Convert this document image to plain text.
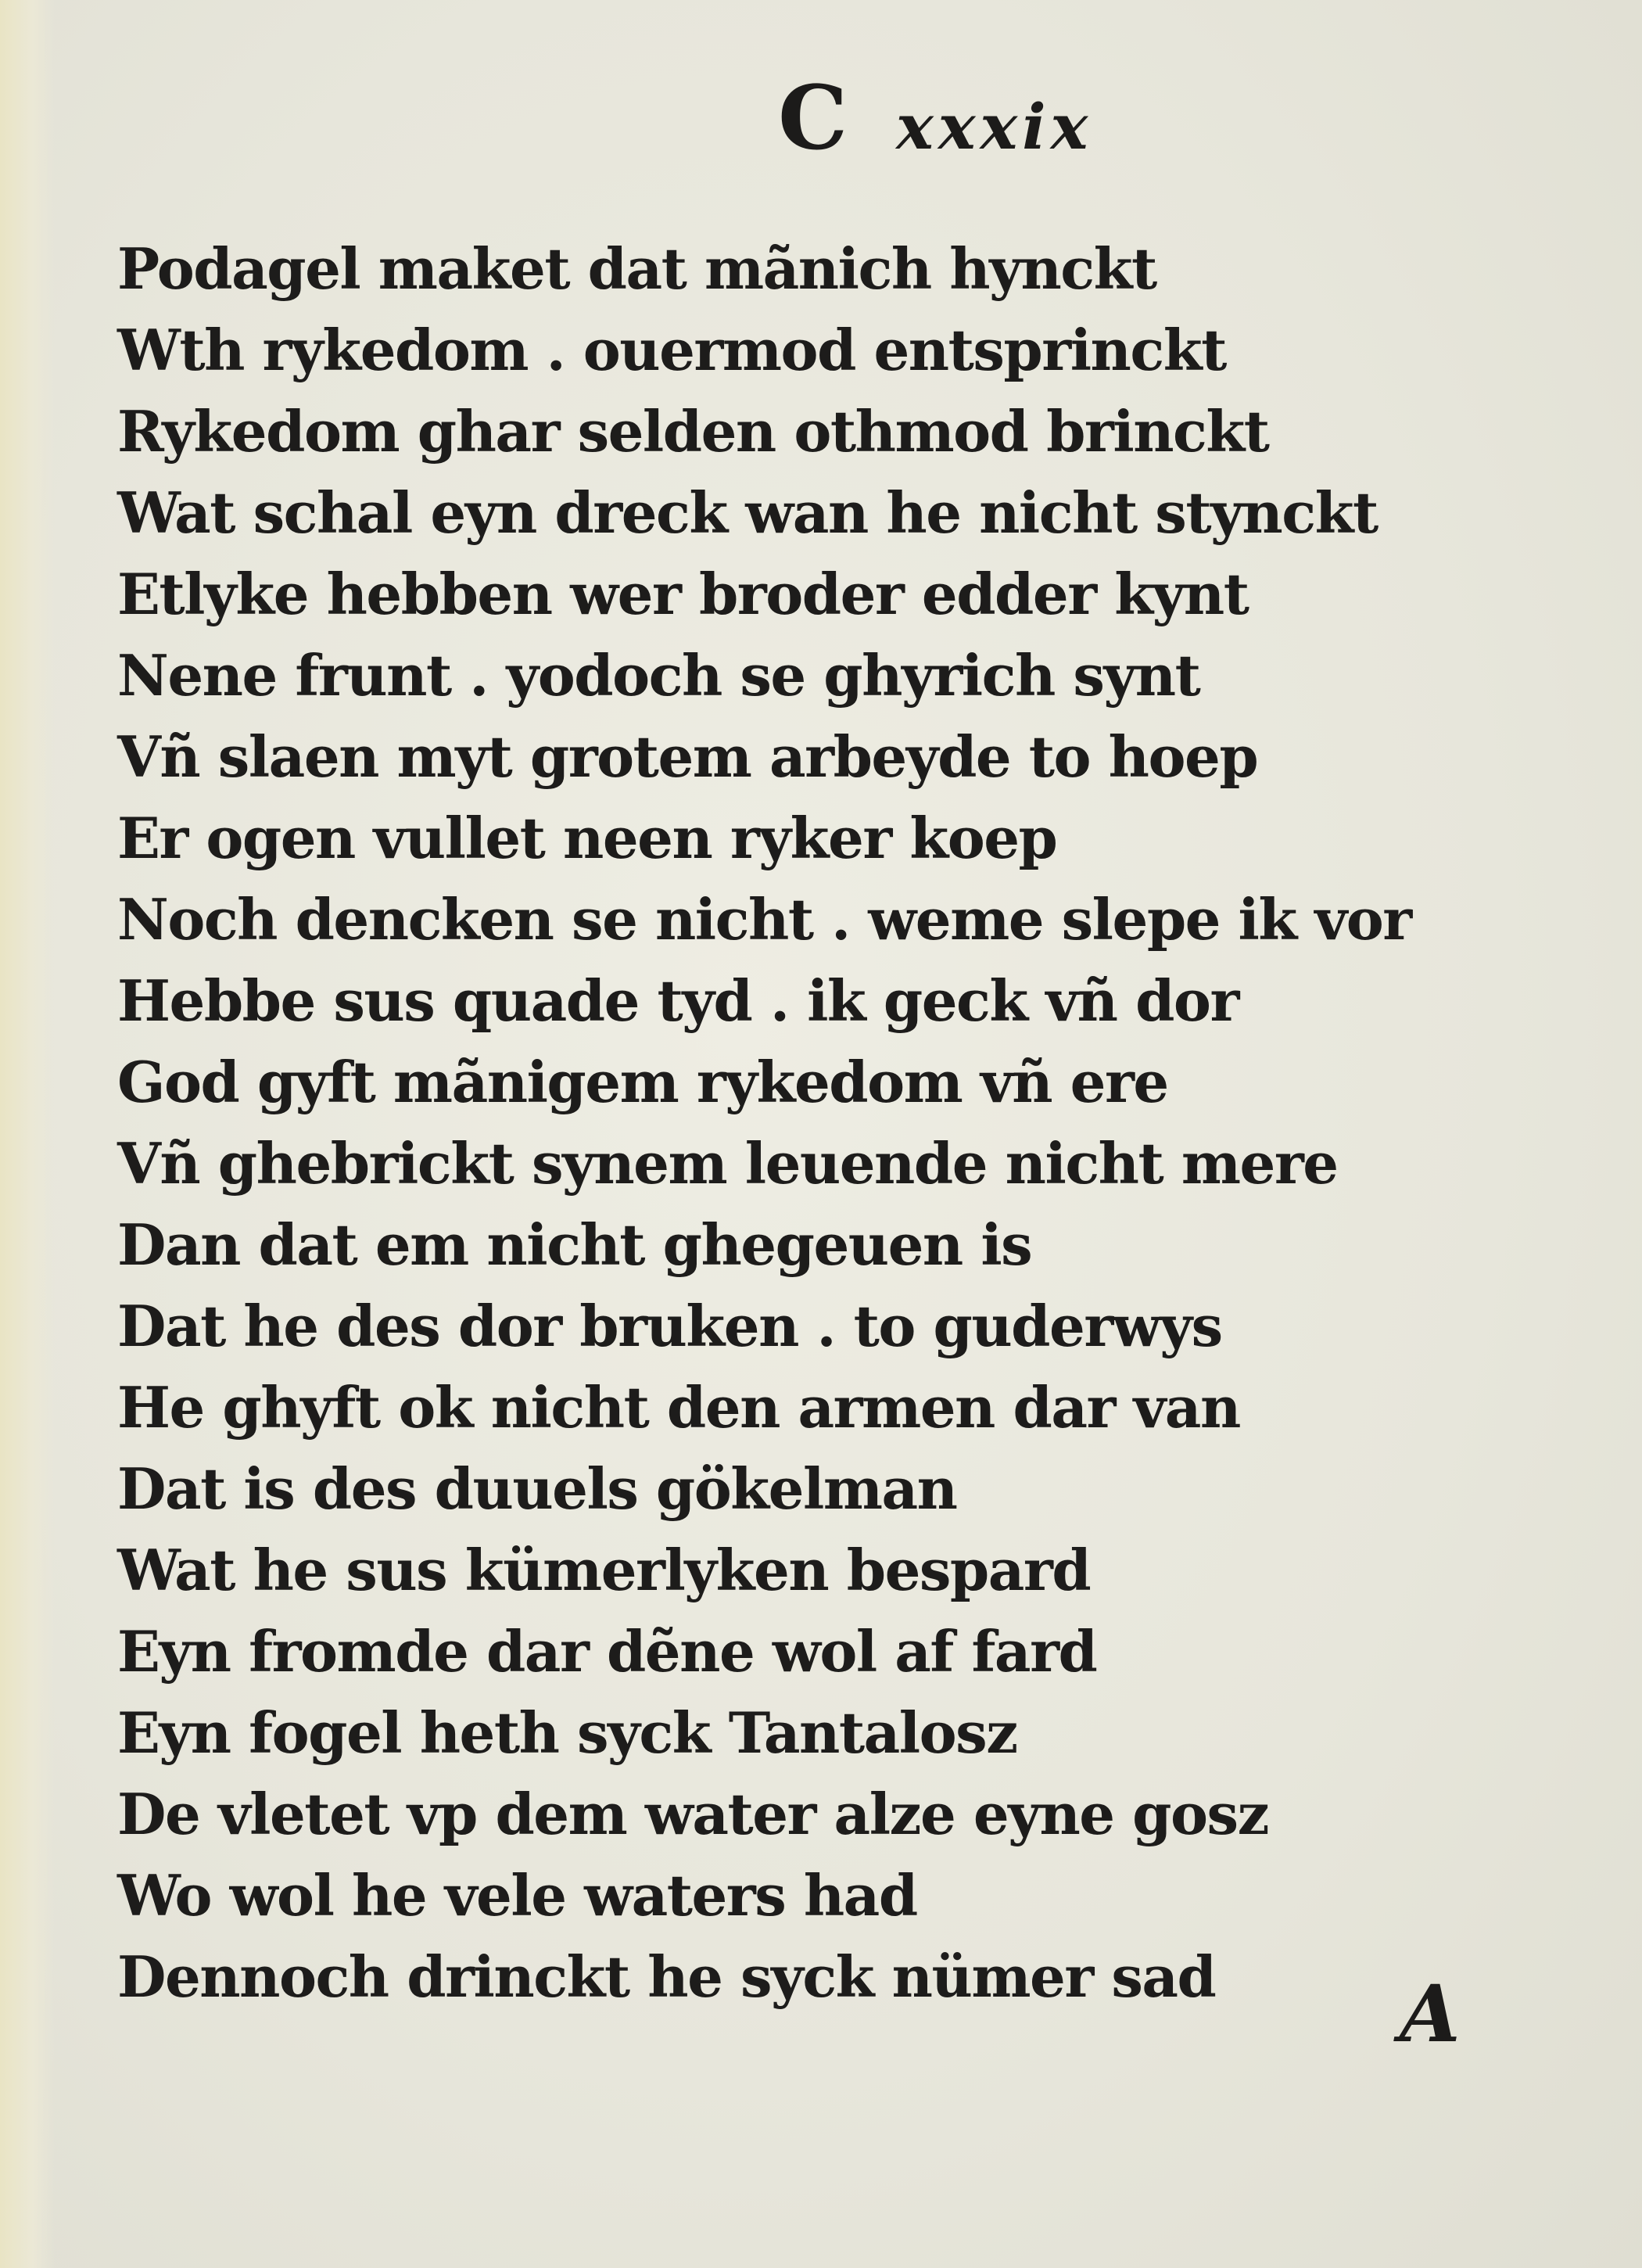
C xxxix
Podagel maket dat mãnich hynckt
Wth rykedom . ouermod entsprinckt
Rykedom ghar selden othmod brinckt
Wat schal eyn dreck wan he nicht stynckt
Etlyke hebben wer broder edder kynt
Nene frunt . yodoch se ghyrich synt
Vñ slaen myt grotem arbeyde to hoep
Er ogen vullet neen ryker koep
Noch dencken se nicht . weme slepe ik vor
Hebbe sus quade tyd . ik geck vñ dor
God gyft mãnigem rykedom vñ ere
Vñ ghebrickt synem leuende nicht mere
Dan dat em nicht ghegeuen is
Dat he des dor bruken . to guderwys
He ghyft ok nicht den armen dar van
Dat is des duuels gökelman
Wat he sus kümerlyken bespard
Eyn fromde dar dẽne wol af fard
Eyn fogel heth syck Tantalosz
De vletet vp dem water alze eyne gosz
Wo wol he vele waters had
Dennoch drinckt he syck nümer sad	A
